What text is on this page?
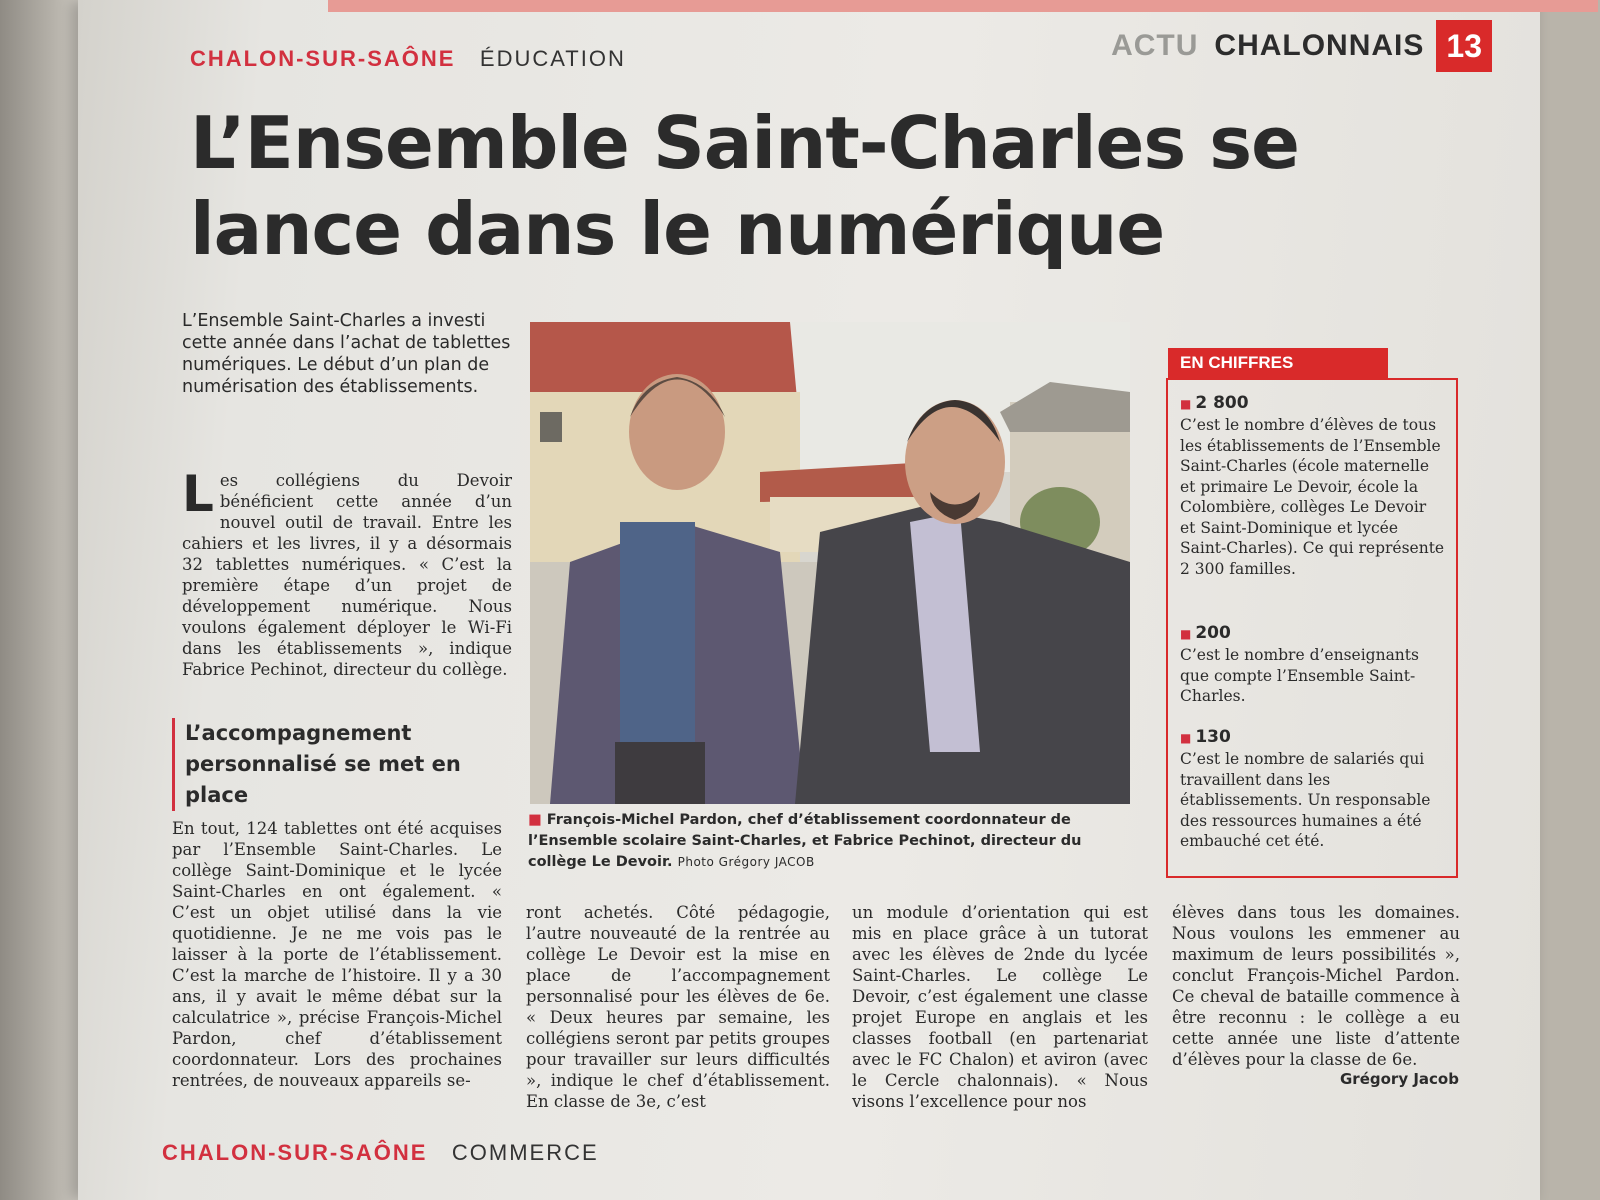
ACTU CHALONNAIS 13
CHALON-SUR-SAÔNE ÉDUCATION
L’Ensemble Saint-Charles se lance dans le numérique
L’Ensemble Saint-Charles a investi cette année dans l’achat de tablettes numériques. Le début d’un plan de numérisation des établissements.
L es collégiens du Devoir bénéficient cette année d’un nouvel outil de travail. Entre les cahiers et les livres, il y a désormais 32 tablettes numériques. « C’est la première étape d’un projet de développement numérique. Nous voulons également déployer le Wi-Fi dans les établissements », indique Fabrice Pechinot, directeur du collège.
L’accompagnement personnalisé se met en place
En tout, 124 tablettes ont été acquises par l’Ensemble Saint-Charles. Le collège Saint-Dominique et le lycée Saint-Charles en ont également. « C’est un objet utilisé dans la vie quotidienne. Je ne me vois pas le laisser à la porte de l’établissement. C’est la marche de l’histoire. Il y a 30 ans, il y avait le même débat sur la calculatrice », précise François-Michel Pardon, chef d’établissement coordonnateur. Lors des prochaines rentrées, de nouveaux appareils se-
■ François-Michel Pardon, chef d’établissement coordonnateur de l’Ensemble scolaire Saint-Charles, et Fabrice Pechinot, directeur du collège Le Devoir. Photo Grégory JACOB
ront achetés. Côté pédagogie, l’autre nouveauté de la rentrée au collège Le Devoir est la mise en place de l’accompagnement personnalisé pour les élèves de 6e. « Deux heures par semaine, les collégiens seront par petits groupes pour travailler sur leurs difficultés », indique le chef d’établissement. En classe de 3e, c’est
un module d’orientation qui est mis en place grâce à un tutorat avec les élèves de 2nde du lycée Saint-Charles. Le collège Le Devoir, c’est également une classe projet Europe en anglais et les classes football (en partenariat avec le FC Chalon) et aviron (avec le Cercle chalonnais). « Nous visons l’excellence pour nos
élèves dans tous les domaines. Nous voulons les emmener au maximum de leurs possibilités », conclut François-Michel Pardon. Ce cheval de bataille commence à être reconnu : le collège a eu cette année une liste d’attente d’élèves pour la classe de 6e.
Grégory Jacob
EN CHIFFRES
■ 2 800
C’est le nombre d’élèves de tous les établissements de l’Ensemble Saint-Charles (école maternelle et primaire Le Devoir, école la Colombière, collèges Le Devoir et Saint-Dominique et lycée Saint-Charles). Ce qui représente 2 300 familles.
■ 200
C’est le nombre d’enseignants que compte l’Ensemble Saint-Charles.
■ 130
C’est le nombre de salariés qui travaillent dans les établissements. Un responsable des ressources humaines a été embauché cet été.
CHALON-SUR-SAÔNE COMMERCE
